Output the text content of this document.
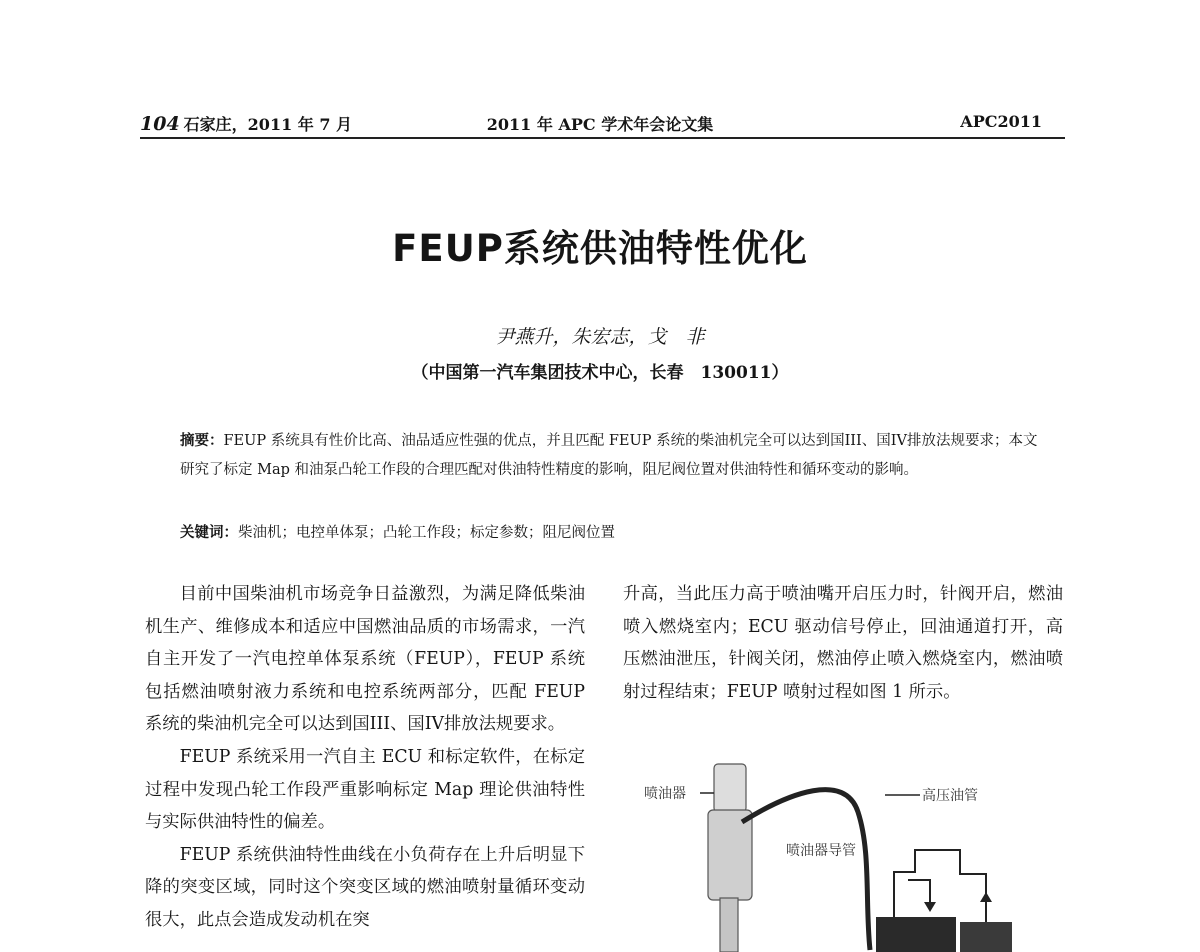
104 石家庄，2011 年 7 月	2011 年 APC 学术年会论文集	APC2011
FEUP系统供油特性优化
尹燕升，朱宏志，戈　非
（中国第一汽车集团技术中心，长春　130011）
摘要：FEUP 系统具有性价比高、油品适应性强的优点，并且匹配 FEUP 系统的柴油机完全可以达到国III、国IV排放法规要求；本文研究了标定 Map 和油泵凸轮工作段的合理匹配对供油特性精度的影响，阻尼阀位置对供油特性和循环变动的影响。
关键词：柴油机；电控单体泵；凸轮工作段；标定参数；阻尼阀位置

目前中国柴油机市场竞争日益激烈，为满足降低柴油机生产、维修成本和适应中国燃油品质的市场需求，一汽自主开发了一汽电控单体泵系统（FEUP），FEUP 系统包括燃油喷射液力系统和电控系统两部分，匹配 FEUP 系统的柴油机完全可以达到国III、国IV排放法规要求。

FEUP 系统采用一汽自主 ECU 和标定软件，在标定过程中发现凸轮工作段严重影响标定 Map 理论供油特性与实际供油特性的偏差。

FEUP 系统供油特性曲线在小负荷存在上升后明显下降的突变区域，同时这个突变区域的燃油喷射量循环变动很大，此点会造成发动机在突

升高，当此压力高于喷油嘴开启压力时，针阀开启，燃油喷入燃烧室内；ECU 驱动信号停止，回油通道打开，高压燃油泄压，针阀关闭，燃油停止喷入燃烧室内，燃油喷射过程结束；FEUP 喷射过程如图 1 所示。

喷油器	高压油管
喷油器导管
